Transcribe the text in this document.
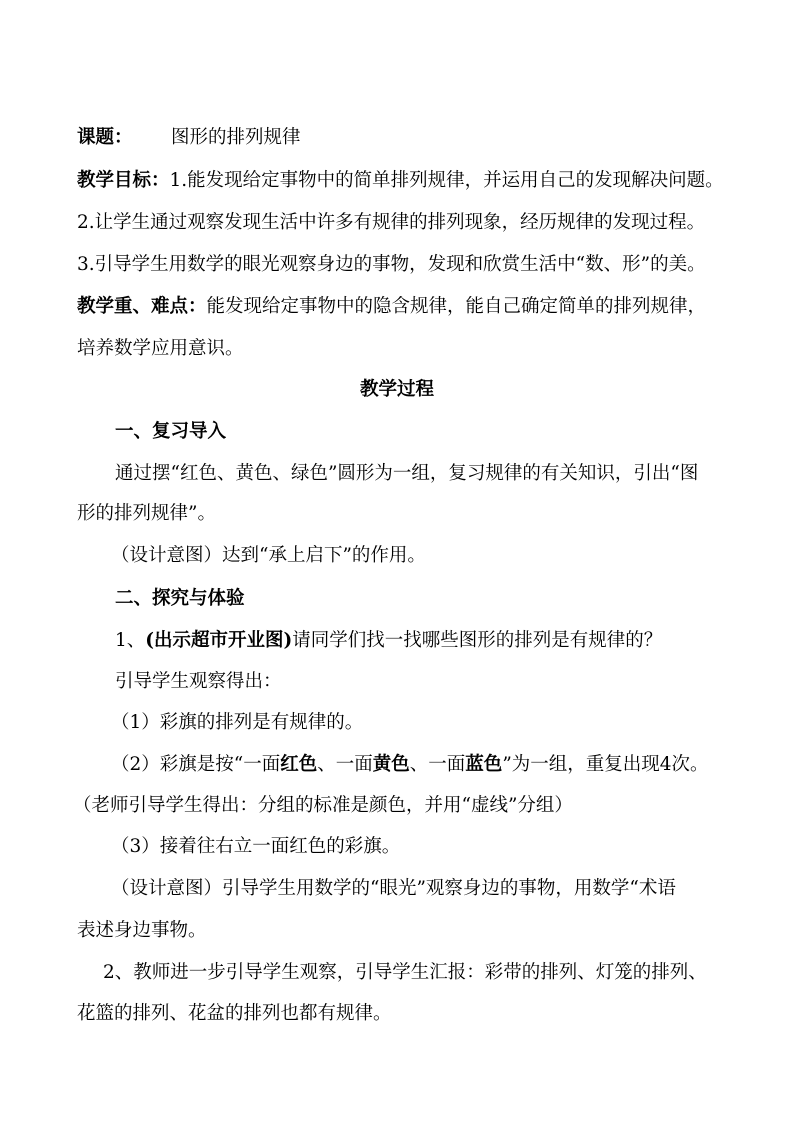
课题： 图形的排列规律
教学目标：1.能发现给定事物中的简单排列规律，并运用自己的发现解决问题。
2.让学生通过观察发现生活中许多有规律的排列现象，经历规律的发现过程。
3.引导学生用数学的眼光观察身边的事物，发现和欣赏生活中“数、形”的美。
教学重、难点：能发现给定事物中的隐含规律，能自己确定简单的排列规律，
培养数学应用意识。
教学过程
一、复习导入
通过摆“红色、黄色、绿色”圆形为一组，复习规律的有关知识，引出“图
形的排列规律”。
（设计意图）达到“承上启下”的作用。
二、探究与体验
1、(出示超市开业图)请同学们找一找哪些图形的排列是有规律的？
引导学生观察得出：
（1）彩旗的排列是有规律的。
（2）彩旗是按“一面红色、一面黄色、一面蓝色”为一组，重复出现4次。
（老师引导学生得出：分组的标准是颜色，并用“虚线”分组）
（3）接着往右立一面红色的彩旗。
（设计意图）引导学生用数学的“眼光”观察身边的事物，用数学“术语
表述身边事物。
2、教师进一步引导学生观察，引导学生汇报：彩带的排列、灯笼的排列、
花篮的排列、花盆的排列也都有规律。
